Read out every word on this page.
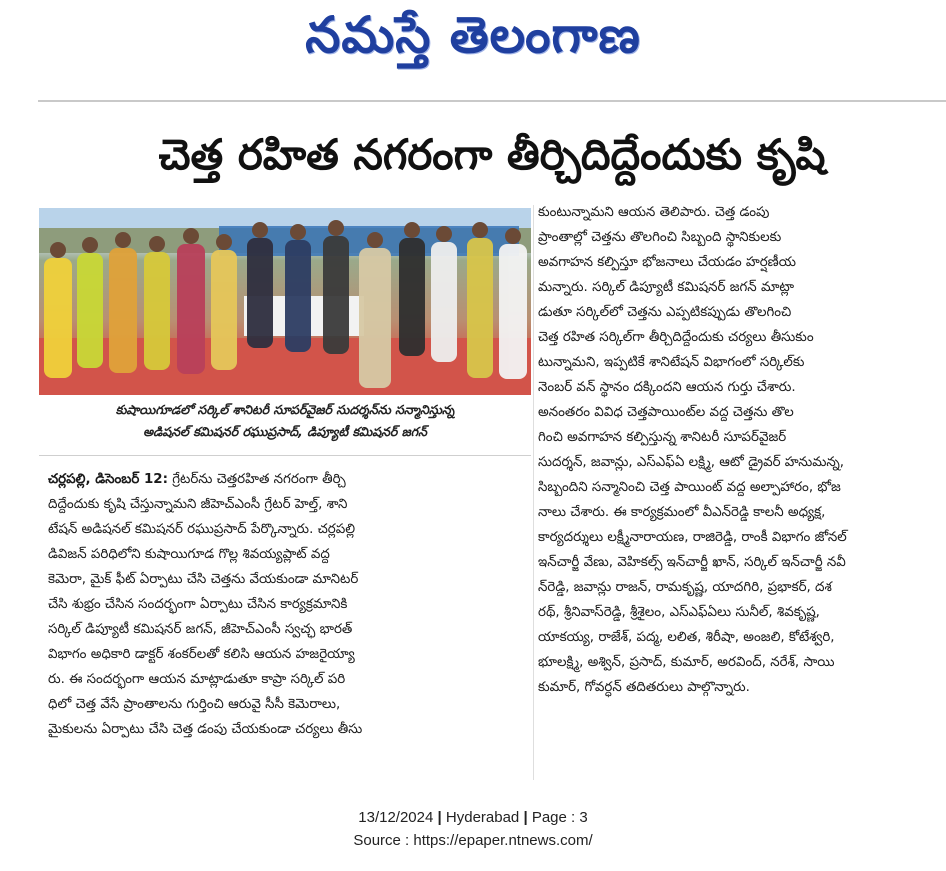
నమస్తే తెలంగాణ
చెత్త రహిత నగరంగా తీర్చిదిద్దేందుకు కృషి
కుషాయిగూడలో సర్కిల్ శానిటరీ సూపర్‌వైజర్ సుదర్శన్‌ను సన్మానిస్తున్న
అడిషనల్ కమిషనర్ రఘుప్రసాద్, డిప్యూటీ కమిషనర్ జగన్
చర్లపల్లి, డిసెంబర్ 12: గ్రేటర్‌ను చెత్తరహిత నగరంగా తీర్చి
దిద్దేందుకు కృషి చేస్తున్నామని జీహెచ్ఎంసీ గ్రేటర్ హెల్త్, శాని
టేషన్ అడిషనల్ కమిషనర్ రఘుప్రసాద్ పేర్కొన్నారు. చర్లపల్లి
డివిజన్ పరిధిలోని కుషాయిగూడ గొల్ల శివయ్యప్లాట్ వద్ద
కెమెరా, మైక్ ఫీట్ ఏర్పాటు చేసి చెత్తను వేయకుండా మానిటర్
చేసి శుభ్రం చేసిన సందర్భంగా ఏర్పాటు చేసిన కార్యక్రమానికి
సర్కిల్ డిప్యూటీ కమిషనర్ జగన్, జీహెచ్ఎంసీ స్వచ్ఛ భారత్
విభాగం అధికారి డాక్టర్ శంకర్‌లతో కలిసి ఆయన హజరైయ్యా
రు. ఈ సందర్భంగా ఆయన మాట్లాడుతూ కాప్రా సర్కిల్ పరి
ధిలో చెత్త వేసే ప్రాంతాలను గుర్తించి ఆరువై సీసీ కెమెరాలు,
మైకులను ఏర్పాటు చేసి చెత్త డంపు చేయకుండా చర్యలు తీసు
కుంటున్నామని ఆయన తెలిపారు. చెత్త డంపు
ప్రాంతాల్లో చెత్తను తొలగించి సిబ్బంది స్థానికులకు
అవగాహన కల్పిస్తూ భోజనాలు చేయడం హర్షణీయ
మన్నారు. సర్కిల్ డిప్యూటీ కమిషనర్ జగన్ మాట్లా
డుతూ సర్కిల్‌లో చెత్తను ఎప్పటికప్పుడు తొలగించి
చెత్త రహిత సర్కిల్‌గా తీర్చిదిద్దేందుకు చర్యలు తీసుకుం
టున్నామని, ఇప్పటికే శానిటేషన్ విభాగంలో సర్కిల్‌కు
నెంబర్ వన్ స్థానం దక్కిందని ఆయన గుర్తు చేశారు.
అనంతరం వివిధ చెత్తపాయింట్‌ల వద్ద చెత్తను తొల
గించి అవగాహన కల్పిస్తున్న శానిటరీ సూపర్‌వైజర్
సుదర్శన్, జవాన్లు, ఎస్ఎఫ్ఏ లక్ష్మి, ఆటో డ్రైవర్ హనుమన్న,
సిబ్బందిని సన్మానించి చెత్త పాయింట్ వద్ద అల్పాహారం, భోజ
నాలు చేశారు. ఈ కార్యక్రమంలో వీఎన్‌రెడ్డి కాలనీ అధ్యక్ష,
కార్యదర్శులు లక్ష్మీనారాయణ, రాజిరెడ్డి, రాంకీ విభాగం జోనల్
ఇన్‌చార్జీ వేణు, వెహికల్స్ ఇన్‌చార్జీ ఖాన్, సర్కిల్ ఇన్‌చార్జీ నవీ
న్‌రెడ్డి, జవాన్లు రాజన్, రామకృష్ణ, యాదగిరి, ప్రభాకర్, దశ
రథ్, శ్రీనివాస్‌రెడ్డి, శ్రీశైలం, ఎస్ఎఫ్ఏలు సునీల్, శివకృష్ణ,
యాకయ్య, రాజేశ్, పద్మ, లలిత, శిరీషా, అంజలి, కోటేశ్వరి,
భూలక్ష్మి, అశ్విన్, ప్రసాద్, కుమార్, అరవింద్, నరేశ్, సాయి
కుమార్, గోవర్ధన్ తదితరులు పాల్గొన్నారు.
13/12/2024 | Hyderabad | Page : 3
Source : https://epaper.ntnews.com/
